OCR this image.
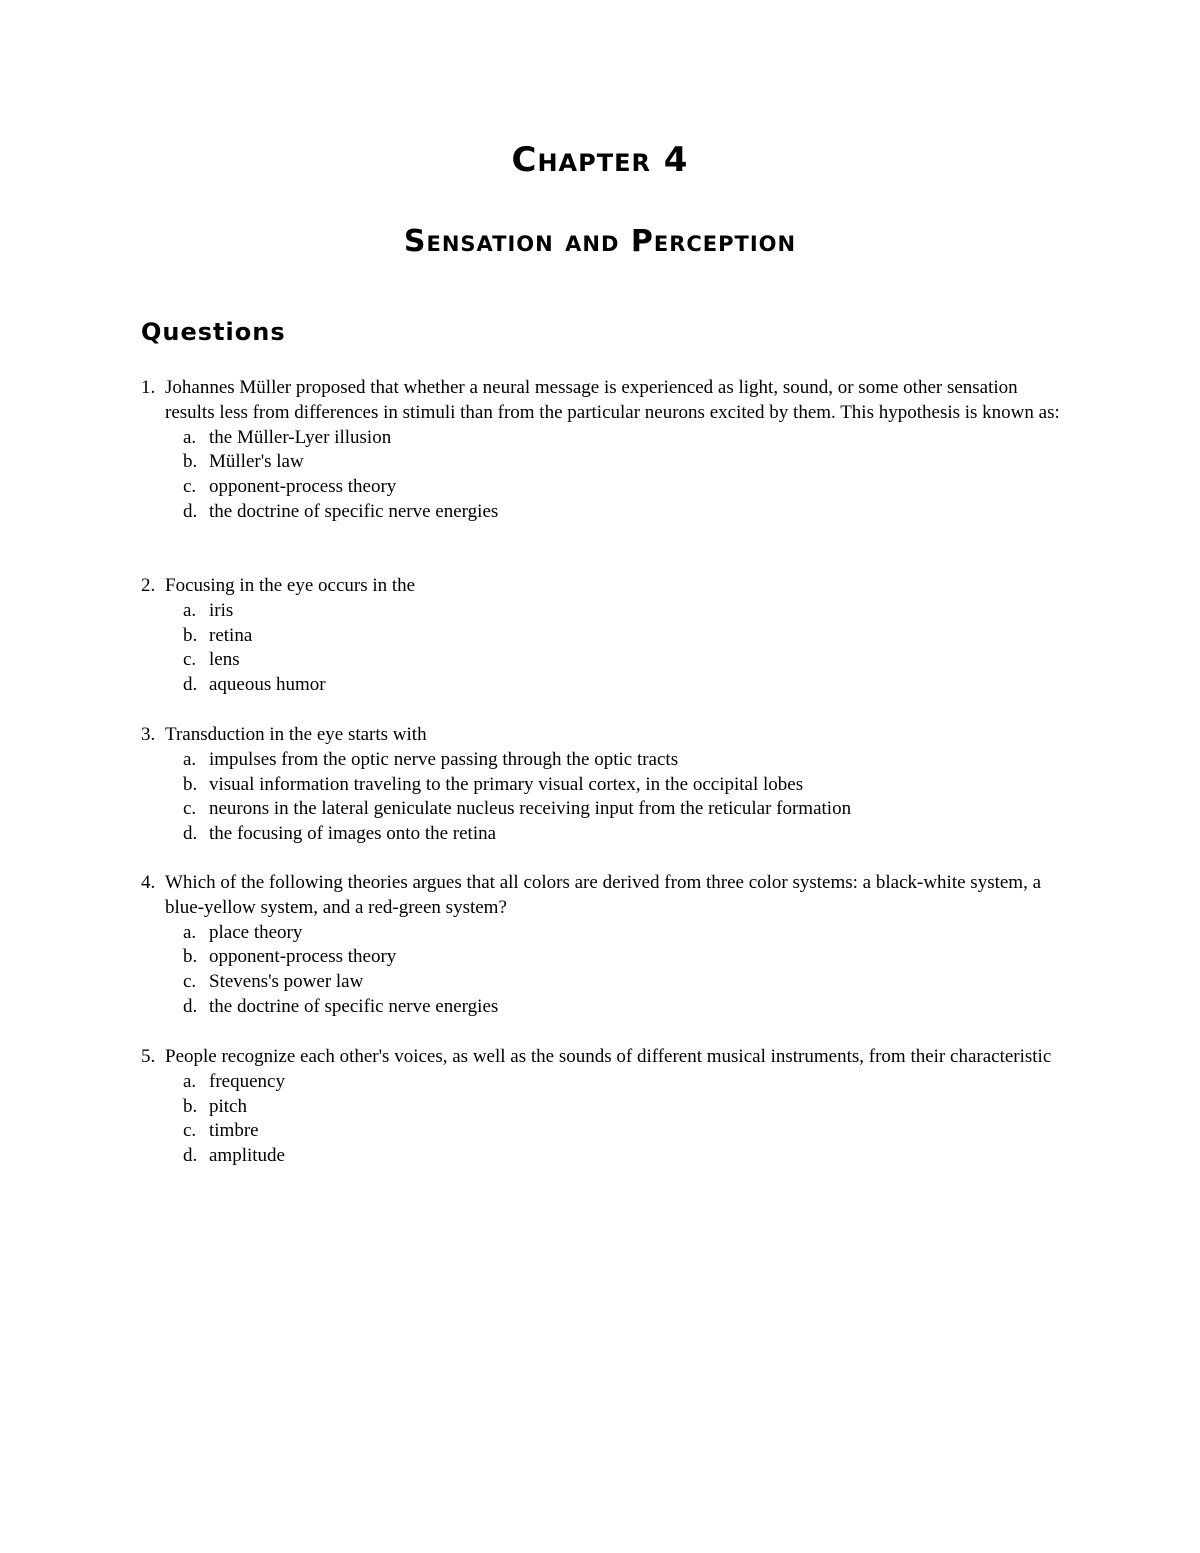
Chapter 4
Sensation and Perception
Questions
1. Johannes Müller proposed that whether a neural message is experienced as light, sound, or some other sensation results less from differences in stimuli than from the particular neurons excited by them. This hypothesis is known as:
a. the Müller-Lyer illusion
b. Müller's law
c. opponent-process theory
d. the doctrine of specific nerve energies
2. Focusing in the eye occurs in the
a. iris
b. retina
c. lens
d. aqueous humor
3. Transduction in the eye starts with
a. impulses from the optic nerve passing through the optic tracts
b. visual information traveling to the primary visual cortex, in the occipital lobes
c. neurons in the lateral geniculate nucleus receiving input from the reticular formation
d. the focusing of images onto the retina
4. Which of the following theories argues that all colors are derived from three color systems: a black-white system, a blue-yellow system, and a red-green system?
a. place theory
b. opponent-process theory
c. Stevens's power law
d. the doctrine of specific nerve energies
5. People recognize each other's voices, as well as the sounds of different musical instruments, from their characteristic
a. frequency
b. pitch
c. timbre
d. amplitude
